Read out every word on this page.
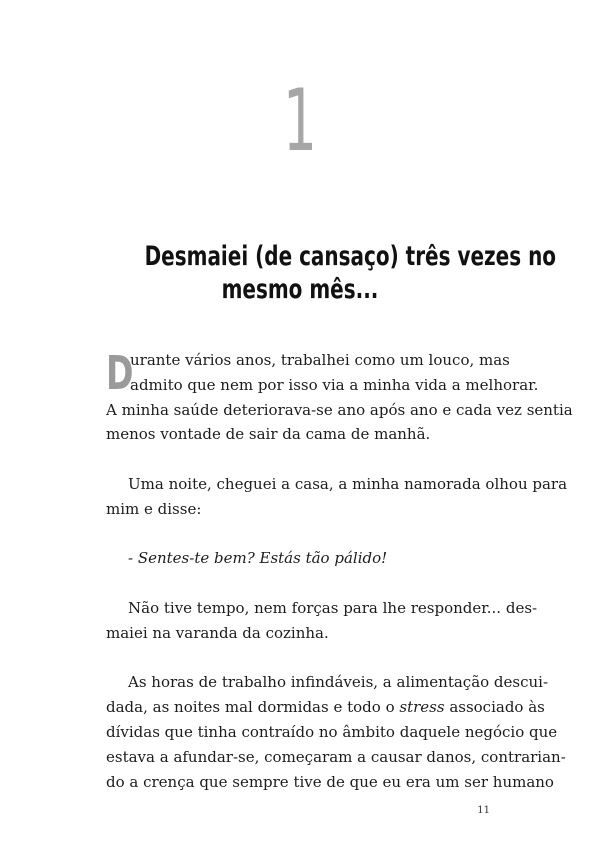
1
Desmaiei (de cansaço) três vezes no
mesmo mês...
D
urante vários anos, trabalhei como um louco, mas
admito que nem por isso via a minha vida a melhorar.
A minha saúde deteriorava-se ano após ano e cada vez sentia
menos vontade de sair da cama de manhã.
Uma noite, cheguei a casa, a minha namorada olhou para
mim e disse:
- Sentes-te bem? Estás tão pálido!
Não tive tempo, nem forças para lhe responder... des-
maiei na varanda da cozinha.
As horas de trabalho infindáveis, a alimentação descui-
dada, as noites mal dormidas e todo o stress associado às
dívidas que tinha contraído no âmbito daquele negócio que
estava a afundar-se, começaram a causar danos, contrarian-
do a crença que sempre tive de que eu era um ser humano
11
